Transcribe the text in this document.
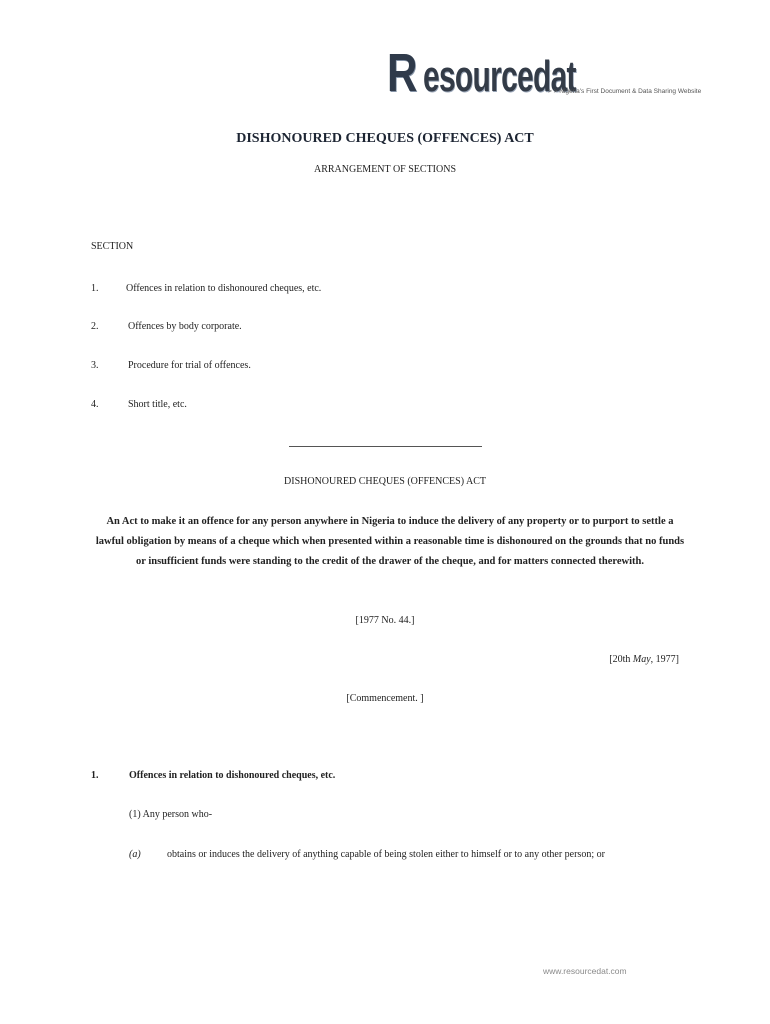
R esourcedat
> > Nigeria's First Document & Data Sharing Website
DISHONOURED CHEQUES (OFFENCES) ACT
ARRANGEMENT OF SECTIONS
SECTION
1.	Offences in relation to dishonoured cheques, etc.
2.	Offences by body corporate.
3.	Procedure for trial of offences.
4.	Short title, etc.
DISHONOURED CHEQUES (OFFENCES) ACT
An Act to make it an offence for any person anywhere in Nigeria to induce the delivery of any property or to purport to settle a lawful obligation by means of a cheque which when presented within a reasonable time is dishonoured on the grounds that no funds or insufficient funds were standing to the credit of the drawer of the cheque, and for matters connected therewith.
[1977 No. 44.]
[20th May, 1977]
[Commencement. ]
1.	Offences in relation to dishonoured cheques, etc.
(1) Any person who-
(a)	obtains or induces the delivery of anything capable of being stolen either to himself or to any other person; or
www.resourcedat.com
